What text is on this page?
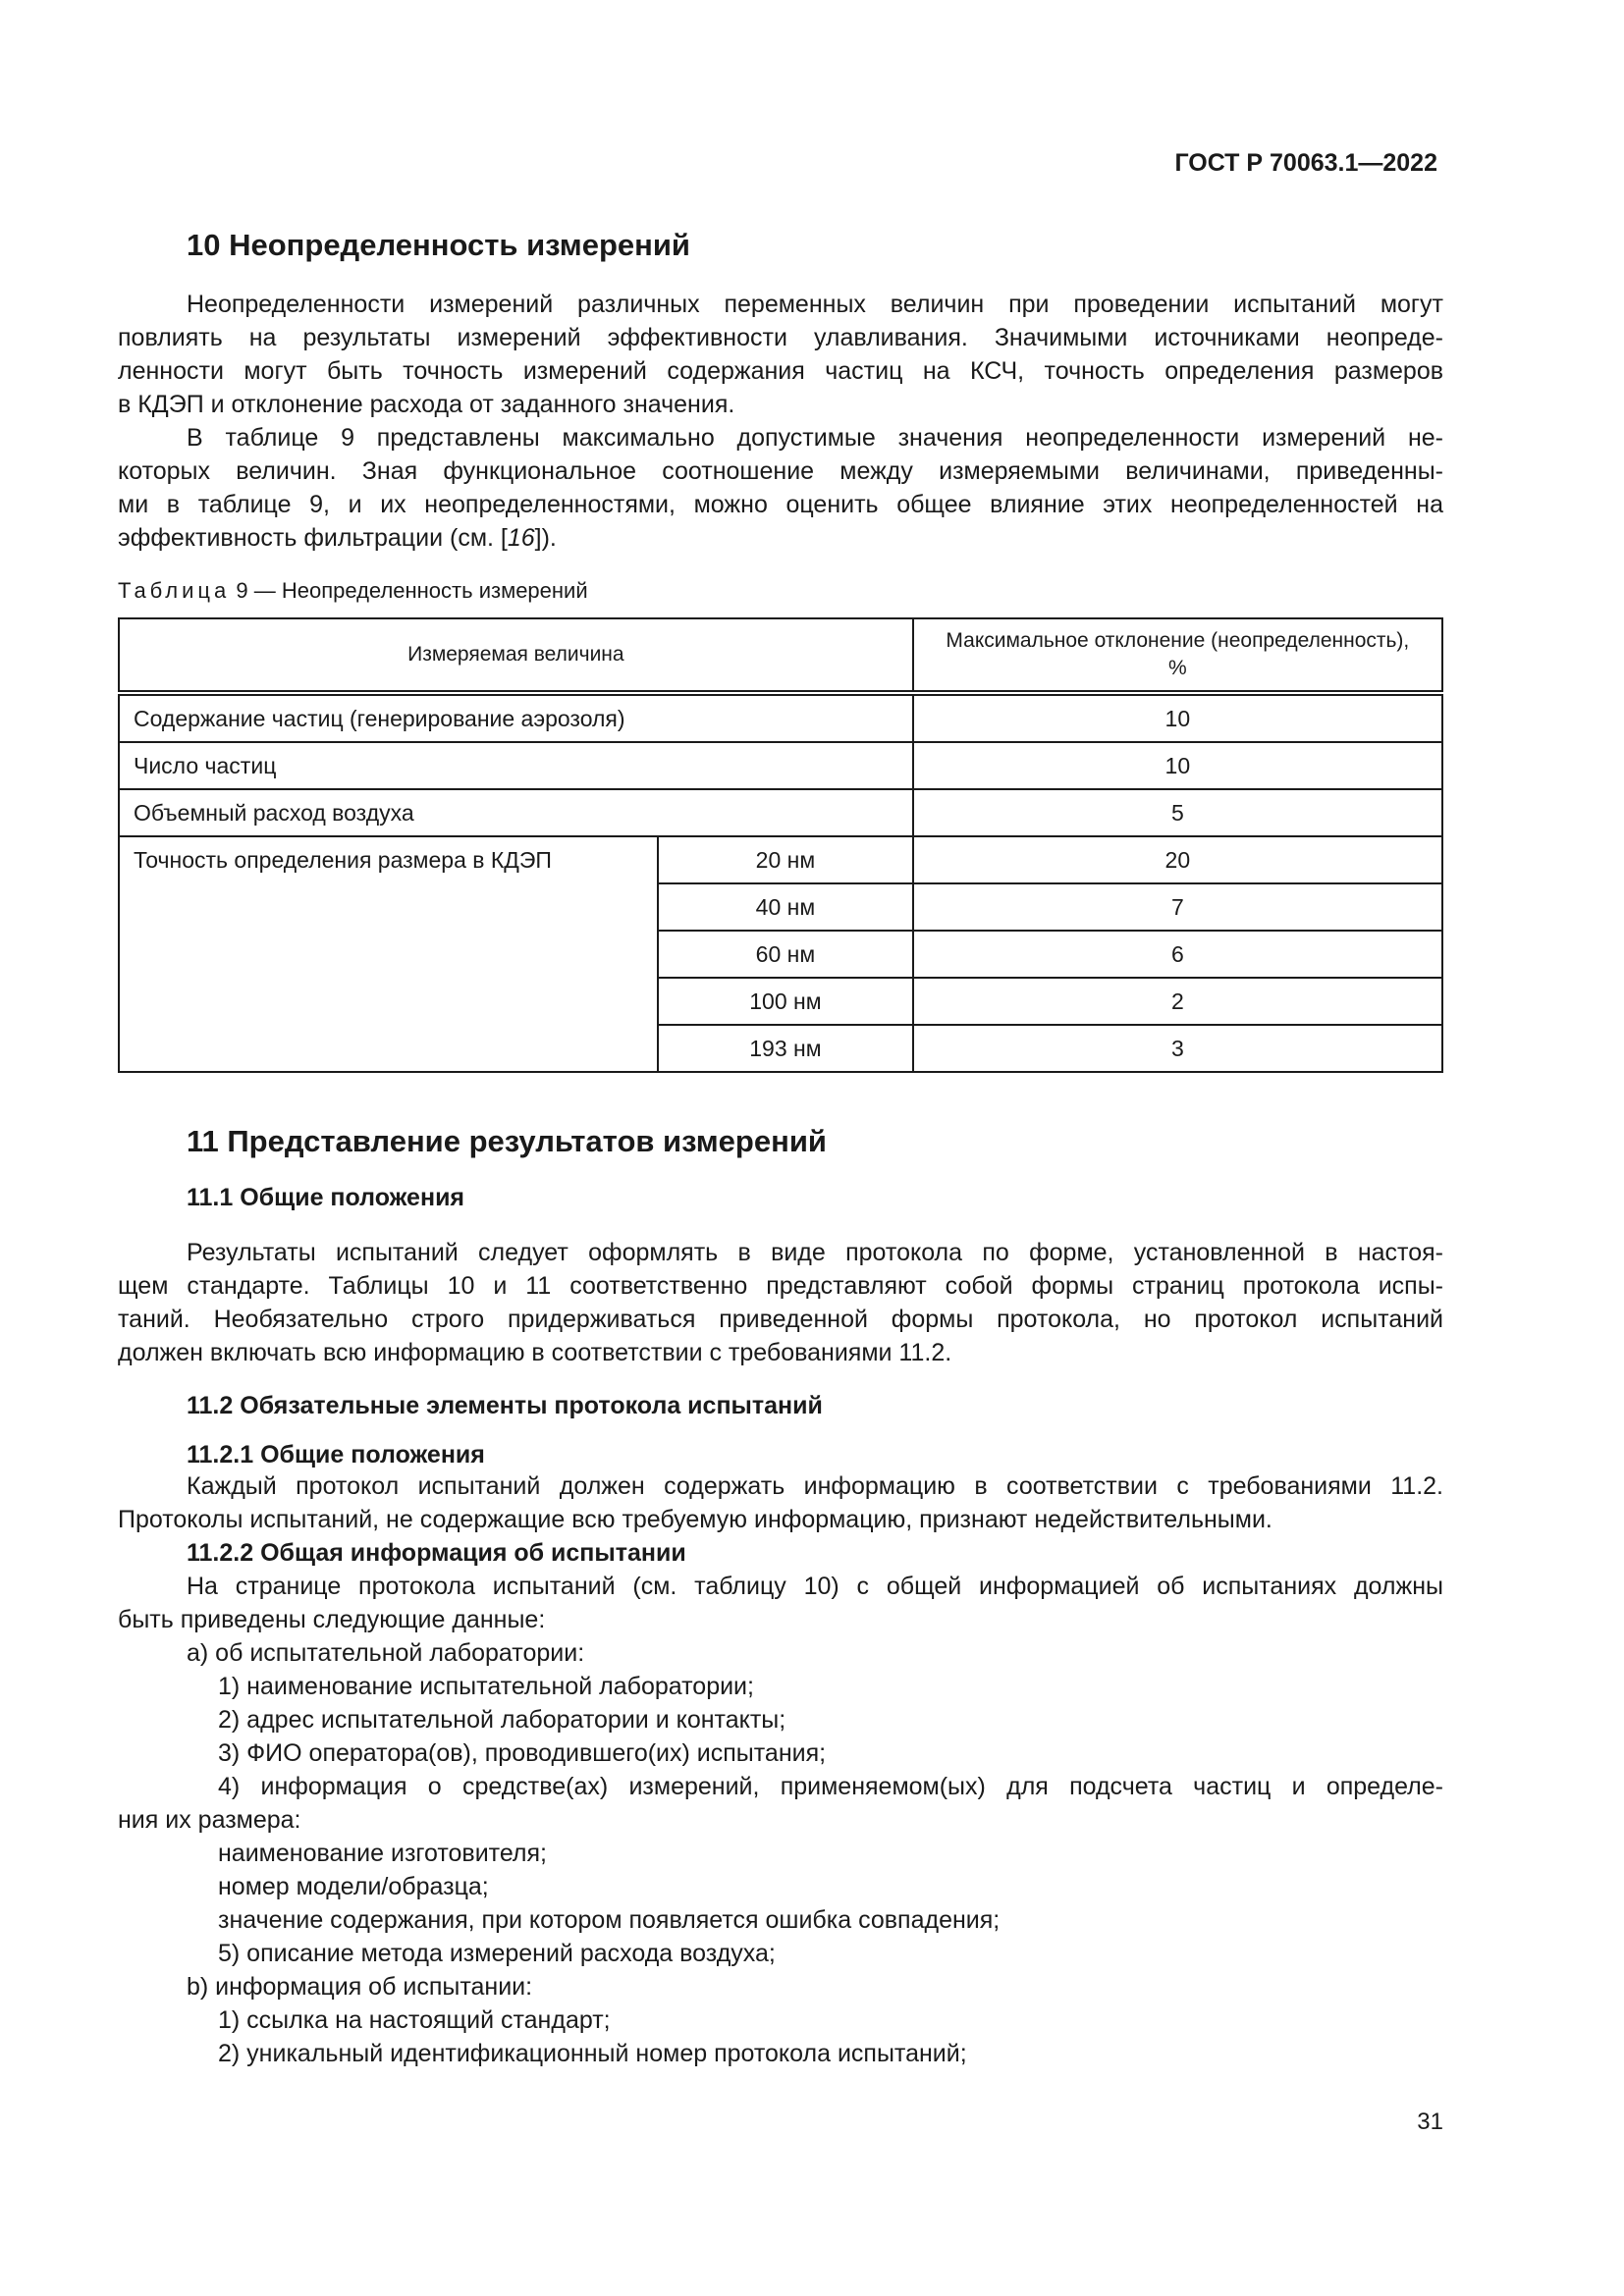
ГОСТ Р 70063.1—2022
10 Неопределенность измерений
Неопределенности измерений различных переменных величин при проведении испытаний могут
повлиять на результаты измерений эффективности улавливания. Значимыми источниками неопреде-
ленности могут быть точность измерений содержания частиц на КСЧ, точность определения размеров
в КДЭП и отклонение расхода от заданного значения.
В таблице 9 представлены максимально допустимые значения неопределенности измерений не-
которых величин. Зная функциональное соотношение между измеряемыми величинами, приведенны-
ми в таблице 9, и их неопределенностями, можно оценить общее влияние этих неопределенностей на
эффективность фильтрации (см. [16]).
Таблица 9 — Неопределенность измерений
Измеряемая величина		Максимальное отклонение (неопределенность),
%
Содержание частиц (генерирование аэрозоля)		10
Число частиц		10
Объемный расход воздуха		5
Точность определения размера в КДЭП	20 нм	20
	40 нм	7
	60 нм	6
	100 нм	2
	193 нм	3
11 Представление результатов измерений
11.1 Общие положения
Результаты испытаний следует оформлять в виде протокола по форме, установленной в настоя-
щем стандарте. Таблицы 10 и 11 соответственно представляют собой формы страниц протокола испы-
таний. Необязательно строго придерживаться приведенной формы протокола, но протокол испытаний
должен включать всю информацию в соответствии с требованиями 11.2.
11.2 Обязательные элементы протокола испытаний
11.2.1 Общие положения
Каждый протокол испытаний должен содержать информацию в соответствии с требованиями 11.2.
Протоколы испытаний, не содержащие всю требуемую информацию, признают недействительными.
11.2.2 Общая информация об испытании
На странице протокола испытаний (см. таблицу 10) с общей информацией об испытаниях должны
быть приведены следующие данные:
a) об испытательной лаборатории:
1) наименование испытательной лаборатории;
2) адрес испытательной лаборатории и контакты;
3) ФИО оператора(ов), проводившего(их) испытания;
4) информация о средстве(ах) измерений, применяемом(ых) для подсчета частиц и определе-
ния их размера:
наименование изготовителя;
номер модели/образца;
значение содержания, при котором появляется ошибка совпадения;
5) описание метода измерений расхода воздуха;
b) информация об испытании:
1) ссылка на настоящий стандарт;
2) уникальный идентификационный номер протокола испытаний;
31
